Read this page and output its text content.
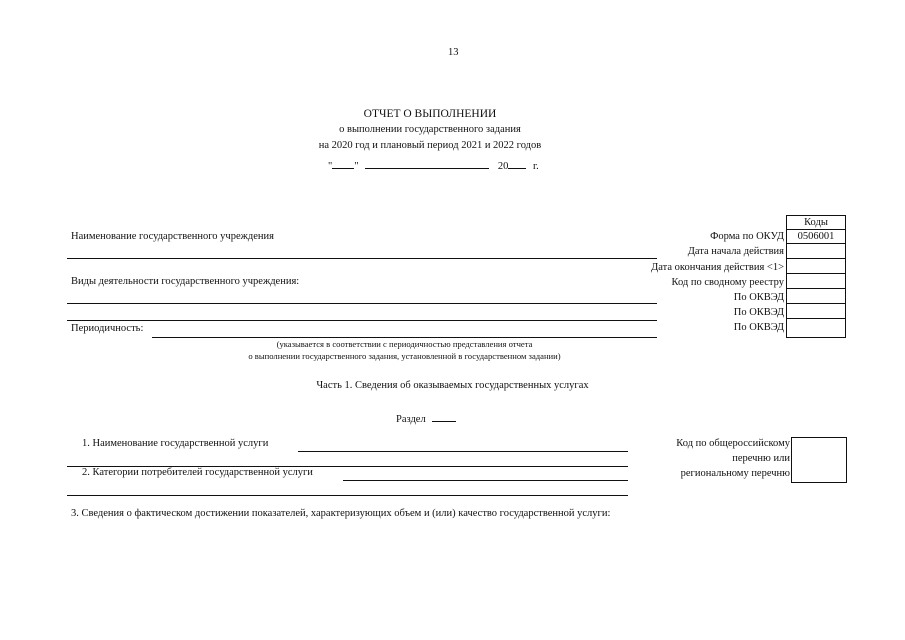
13
ОТЧЕТ О ВЫПОЛНЕНИИ
о выполнении государственного задания
на 2020 год и плановый период 2021 и 2022 годов
" "	20 г.
Наименование государственного учреждения
Виды деятельности государственного учреждения:
Периодичность:
(указывается в соответствии с периодичностью представления отчета
о выполнении государственного задания, установленной в государственном задании)
Коды
Форма по ОКУД	0506001
Дата начала действия
Дата окончания действия <1>
Код по сводному реестру
По ОКВЭД
По ОКВЭД
По ОКВЭД
Часть 1. Сведения об оказываемых государственных услугах
Раздел
1. Наименование государственной услуги
2. Категории потребителей государственной услуги
Код по общероссийскому
перечню или
региональному перечню
3. Сведения о фактическом достижении показателей, характеризующих объем и (или) качество государственной услуги:
